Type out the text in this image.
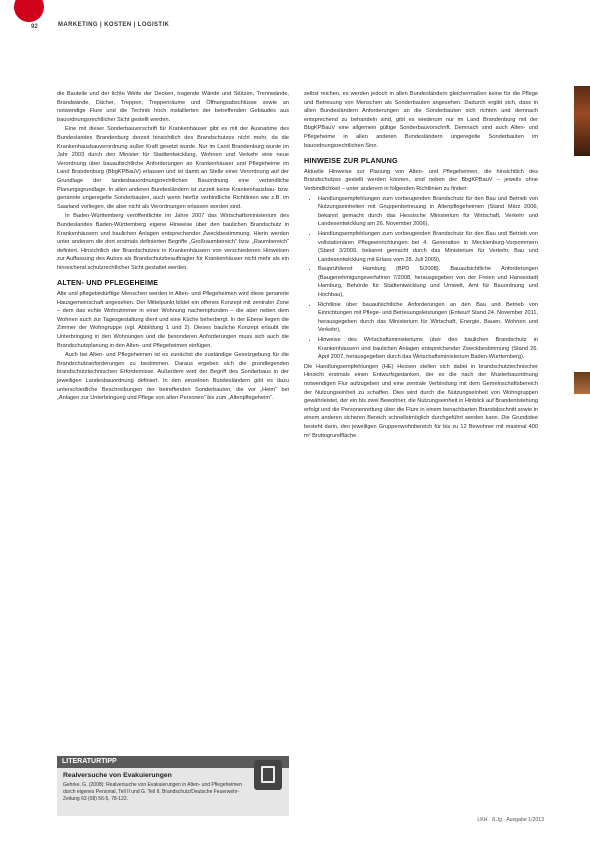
92	MARKETING | KOSTEN | LOGISTIK

die Bauteile und der lichte Weite der Decken, tragende Wände und Stützen, Trennwände, Brandwände, Dächer, Treppen, Treppenräume und Öffnungsabschlüsse sowie an notwendige Flure und die Technik hoch installierten der betreffenden Gebäudes aus bauordnungsrechtlicher Sicht gestellt werden.

Eine mit dieser Sonderbauvorschrift für Krankenhäuser gibt es mit der Ausnahme des Bundeslandes Brandenburg derzeit hinsichtlich des Brandschutzes nicht mehr, da die Krankenhausbauverordnung außer Kraft gesetzt wurde. Nur im Land Brandenburg wurde im Jahr 2003 durch den Minister für Stadtentwicklung, Wohnen und Verkehr eine neue Verordnung über bauaufsichtliche Anforderungen an Krankenhäuser und Pflegeheime im Land Brandenburg (BbgKPBauV) erlassen und ist damit an Stelle einer Verordnung auf der Grundlage der landesbauordnungsrechtlichen Bauordnung eine verbindliche Planungsgrundlage. In allen anderen Bundesländern ist zurzeit keine Krankenhausbau- bzw. genannte ungeregelte Sonderbauten, auch wenn hierfür verbindliche Richtlinien wie z.B. im Saarland vorliegen, die aber nicht als Verordnungen erlassen worden sind.

In Baden-Württemberg veröffentlichte im Jahre 2007 das Wirtschaftsministerium des Bundeslandes Baden-Württemberg eigene Hinweise über den baulichen Brandschutz in Krankenhäusern und baulichen Anlagen entsprechender Zweckbestimmung. Hierin werden unter anderem die dort erstmals definierten Begriffe „Großraumbereich“ bzw. „Raumbereich“ definiert. Hinsichtlich der Brandschutzes in Krankenhäusern von verschiedenen Hinweisen zur Auffassung des Autors als Brandschutzbeauftragter für Krankenhäuser nicht mehr als ein hinreichend schutzrechtlicher Sicht gestattet werden.

ALTEN- UND PFLEGEHEIME

Alte und pflegebedürftige Menschen werden in Alten- und Pflegeheimen wird diese genannte Hausgemeinschaft angesehen. Der Mittelpunkt bildet ein offenes Konzept mit zentraler Zone – dem das echte Wohnzimmer in einer Wohnung nachempfunden – die aber neben dem Wohnen auch zur Tagesgestaltung dient und eine Küche beherbergt. In der Ebene liegen die Zimmer der Wohngruppe (vgl. Abbildung 1 und 2). Dieses bauliche Konzept erlaubt die Unterbringung in den Wohnungen und die besonderen Anforderungen muss sich auch die Brandschutzplanung in den Alten- und Pflegeheimen einfügen.

Auch bei Alten- und Pflegeheimen ist es zunächst die zuständige Gesetzgebung für die Brandschutzanforderungen zu bestimmen. Daraus ergeben sich die grundlegenden brandschutztechnischen Erfordernisse. Außerdem wird der Begriff des Sonderbaus in der jeweiligen Landesbauordnung definiert. In den einzelnen Bundesländern gibt es dazu unterschiedliche Beschreibungen der betreffenden Sonderbauten, die vor „Heim“ bei „Anlagen zur Unterbringung und Pflege von alten Personen“ bis zum „Altenpflegeheim“.

selbst reichen, es werden jedoch in allen Bundesländern gleichermaßen keine für die Pflege und Betreuung von Menschen als Sonderbauten angesehen. Dadurch ergibt sich, dass in allen Bundesländern Anforderungen an die Sonderbauten sich richten und demnach entsprechend zu behandeln sind, gibt es wiederum nur im Land Brandenburg mit der BbgKPBauV eine allgemein gültige Sonderbauvorschrift. Demnach sind auch Alten- und Pflegeheime in allen anderen Bundesländern ungeregelte Sonderbauten im bauordnungsrechtlichen Sinn.

HINWEISE ZUR PLANUNG

Aktuelle Hinweise zur Planung von Alten- und Pflegeheimen, die hinsichtlich des Brandschutzes gestellt werden können, sind neben der BbgKPBauV – jeweils ohne Verbindlichkeit – unter anderem in folgenden Richtlinien zu finden:

• Handlungsempfehlungen zum vorbeugenden Brandschutz für den Bau und Betrieb von Nutzungseinheiten mit Gruppenbetreuung in Altenpflegeheimen (Stand März 2006; bekannt gemacht durch das Hessische Ministerium für Wirtschaft, Verkehr und Landesentwicklung am 26. November 2006),
• Handlungsempfehlungen zum vorbeugenden Brandschutz für den Bau und Betrieb von vollstationären Pflegeeinrichtungen bei 4. Generation in Mecklenburg-Vorpommern (Stand 3/2009, bekannt gemacht durch das Ministerium für Verkehr, Bau und Landesentwicklung mit Erlass vom 28. Juli 2009),
• Bauprüfdienst Hamburg (BPD 5/2008). Bauaufsichtliche Anforderungen (Baugenehmigungsverfahren 7/2008, herausgegeben von der Freien und Hansestadt Hamburg, Behörde für Stadtentwicklung und Umwelt, Amt für Bauordnung und Hochbau),
• Richtlinie über bauaufsichtliche Anforderungen an den Bau und Betrieb von Einrichtungen mit Pflege- und Betreuungsleistungen (Entwurf Stand 24. November 2011, herausgegeben durch das Ministerium für Wirtschaft, Energie, Bauen, Wohnen und Verkehr),
• Hinweise des Wirtschaftsministeriums über den baulichen Brandschutz in Krankenhäusern und baulichen Anlagen entsprechender Zweckbestimmung (Stand 26. April 2007, herausgegeben durch das Wirtschaftsministerium Baden-Württemberg).

Die Handlungsempfehlungen (HE) Hessen stellen sich dabei in brandschutztechnischer Hinsicht erstmals einen Entwurfsgedanken, der es die nach der Musterbauordnung notwendigen Flur aufzugeben und eine zentrale Verbindung mit dem Gemeinschaftsbereich der Nutzungseinheit zu schaffen. Dies wird durch die Nutzungseinheit von Wohngruppen gewährleistet, der ein bis zwei Bewohner, die Nutzungseinheit in Hinblick auf Brandentstehung erfolgt und die Personenrettung über die Flure in einem benachbarten Brandabschnitt sowie in einem anderen sicheren Bereich schnellstmöglich durchgeführt werden kann. Die Grundidee besteht darin, den jeweiligen Gruppenwohnbereich für bis zu 12 Bewohner mit maximal 400 m² Bruttogrundfläche

LITERATURTIPP
Realversuche von Evakuierungen
Gehrke, G. (2008): Realversuche von Evakuierungen in Alten- und Pflegeheimen durch eigenes Personal, Teil II und G. Teil II, Brandschutz/Deutsche Feuerwehr-Zeitung 63 (08) 56-5, 78-122.
LKH · 8.Jg · Ausgabe 1/2013
